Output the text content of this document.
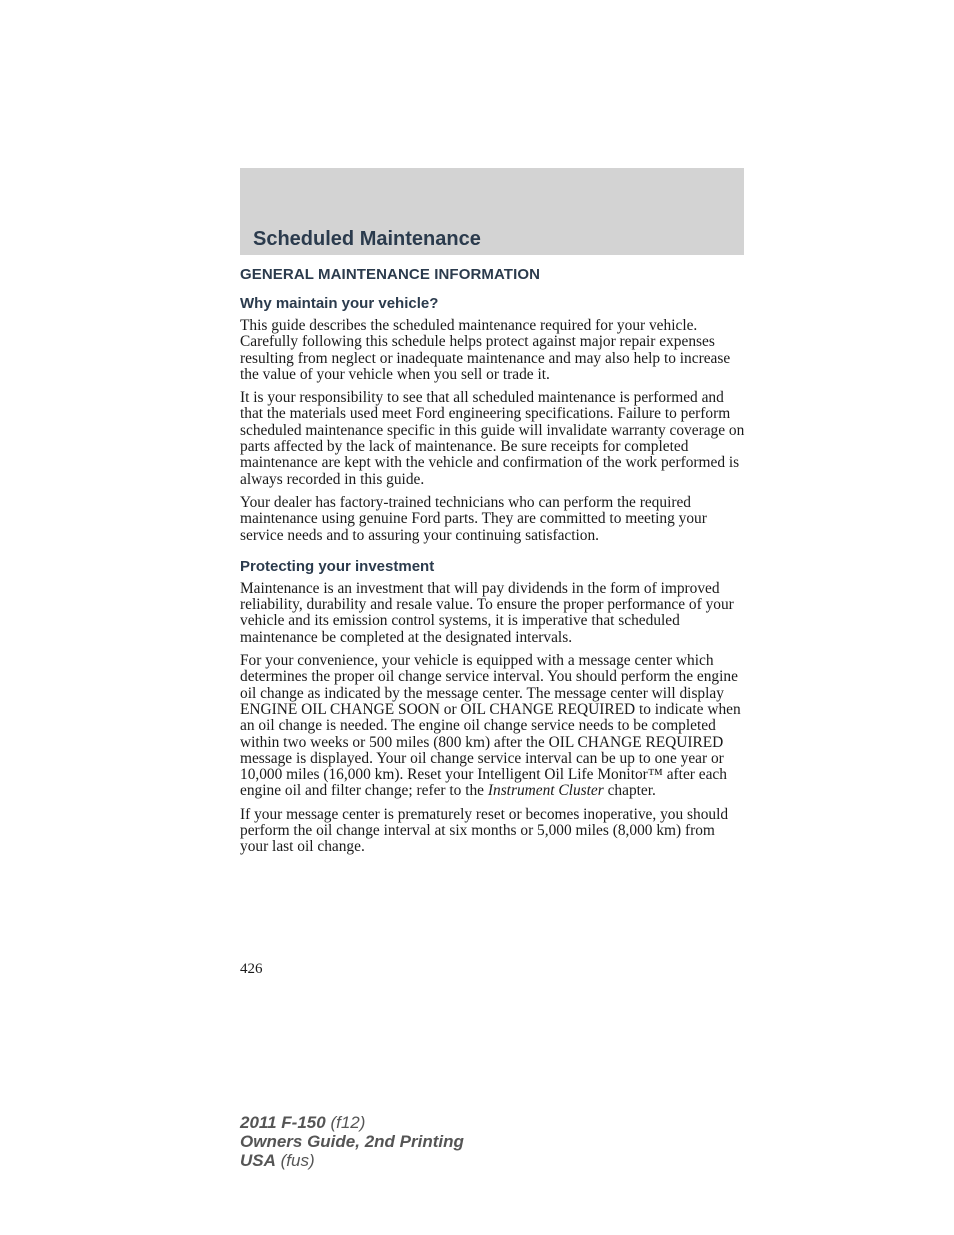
Scheduled Maintenance
GENERAL MAINTENANCE INFORMATION
Why maintain your vehicle?

This guide describes the scheduled maintenance required for your vehicle. Carefully following this schedule helps protect against major repair expenses resulting from neglect or inadequate maintenance and may also help to increase the value of your vehicle when you sell or trade it.

It is your responsibility to see that all scheduled maintenance is performed and that the materials used meet Ford engineering specifications. Failure to perform scheduled maintenance specific in this guide will invalidate warranty coverage on parts affected by the lack of maintenance. Be sure receipts for completed maintenance are kept with the vehicle and confirmation of the work performed is always recorded in this guide.

Your dealer has factory-trained technicians who can perform the required maintenance using genuine Ford parts. They are committed to meeting your service needs and to assuring your continuing satisfaction.

Protecting your investment

Maintenance is an investment that will pay dividends in the form of improved reliability, durability and resale value. To ensure the proper performance of your vehicle and its emission control systems, it is imperative that scheduled maintenance be completed at the designated intervals.

For your convenience, your vehicle is equipped with a message center which determines the proper oil change service interval. You should perform the engine oil change as indicated by the message center. The message center will display ENGINE OIL CHANGE SOON or OIL CHANGE REQUIRED to indicate when an oil change is needed. The engine oil change service needs to be completed within two weeks or 500 miles (800 km) after the OIL CHANGE REQUIRED message is displayed. Your oil change service interval can be up to one year or 10,000 miles (16,000 km). Reset your Intelligent Oil Life Monitor™ after each engine oil and filter change; refer to the Instrument Cluster chapter.

If your message center is prematurely reset or becomes inoperative, you should perform the oil change interval at six months or 5,000 miles (8,000 km) from your last oil change.

426
2011 F-150 (f12)
Owners Guide, 2nd Printing
USA (fus)
